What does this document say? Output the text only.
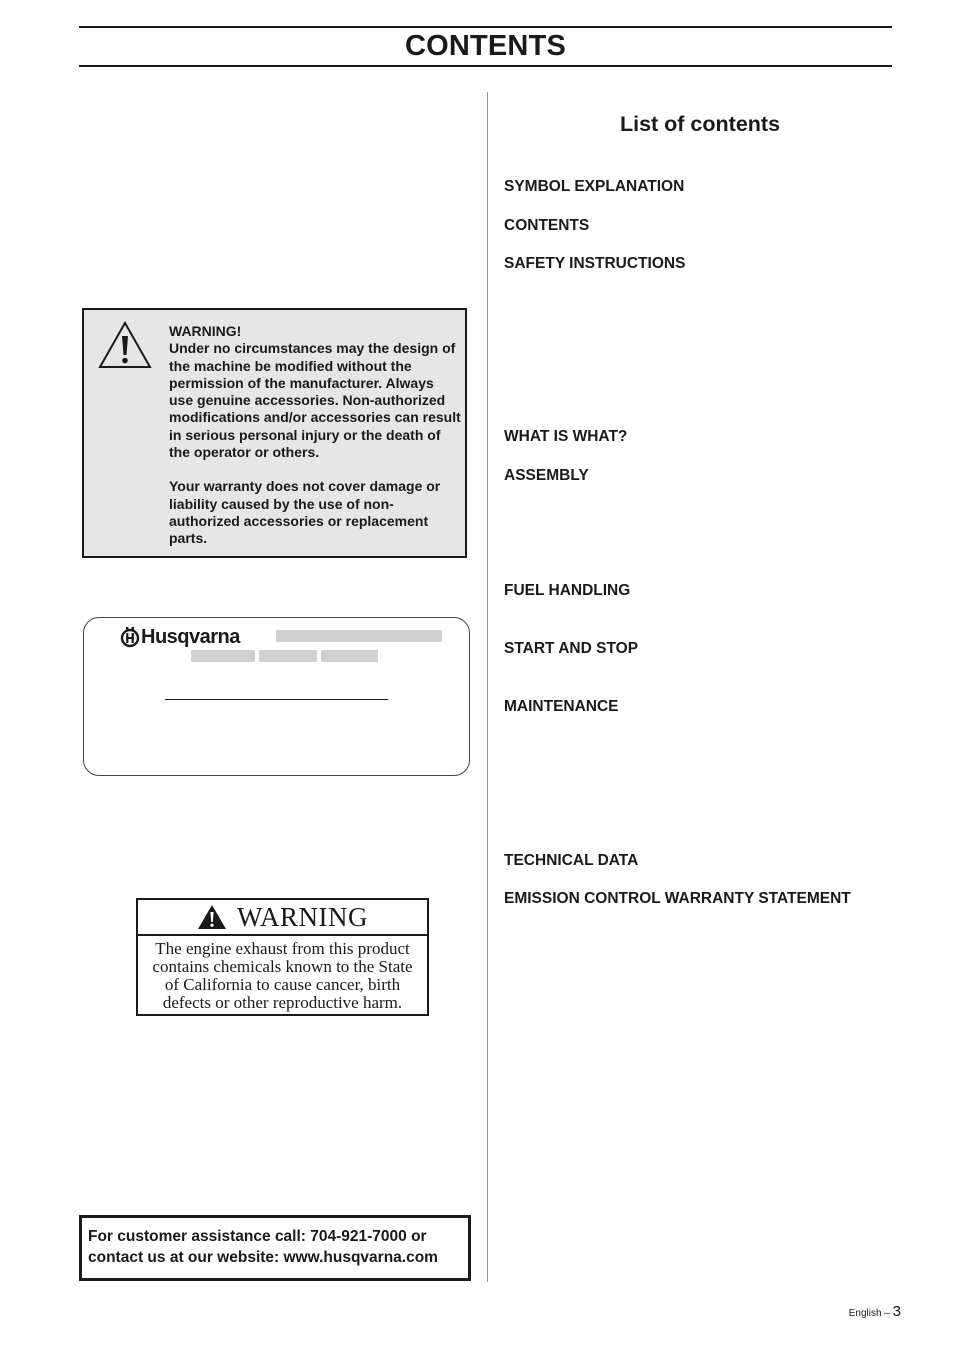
CONTENTS
WARNING!

Under no circumstances may the design of the machine be modified without the permission of the manufacturer. Always use genuine accessories. Non-authorized modifications and/or accessories can result in serious personal injury or the death of the operator or others.

Your warranty does not cover damage or liability caused by the use of non-authorized accessories or replacement parts.

Husqvarna
WARNING
The engine exhaust from this product contains chemicals known to the State of California to cause cancer, birth defects or other reproductive harm.
For customer assistance call: 704-921-7000 or
contact us at our website: www.husqvarna.com
List of contents
SYMBOL EXPLANATION
CONTENTS
SAFETY INSTRUCTIONS
WHAT IS WHAT?
ASSEMBLY
FUEL HANDLING
START AND STOP
MAINTENANCE
TECHNICAL DATA
EMISSION CONTROL WARRANTY STATEMENT
English – 3
